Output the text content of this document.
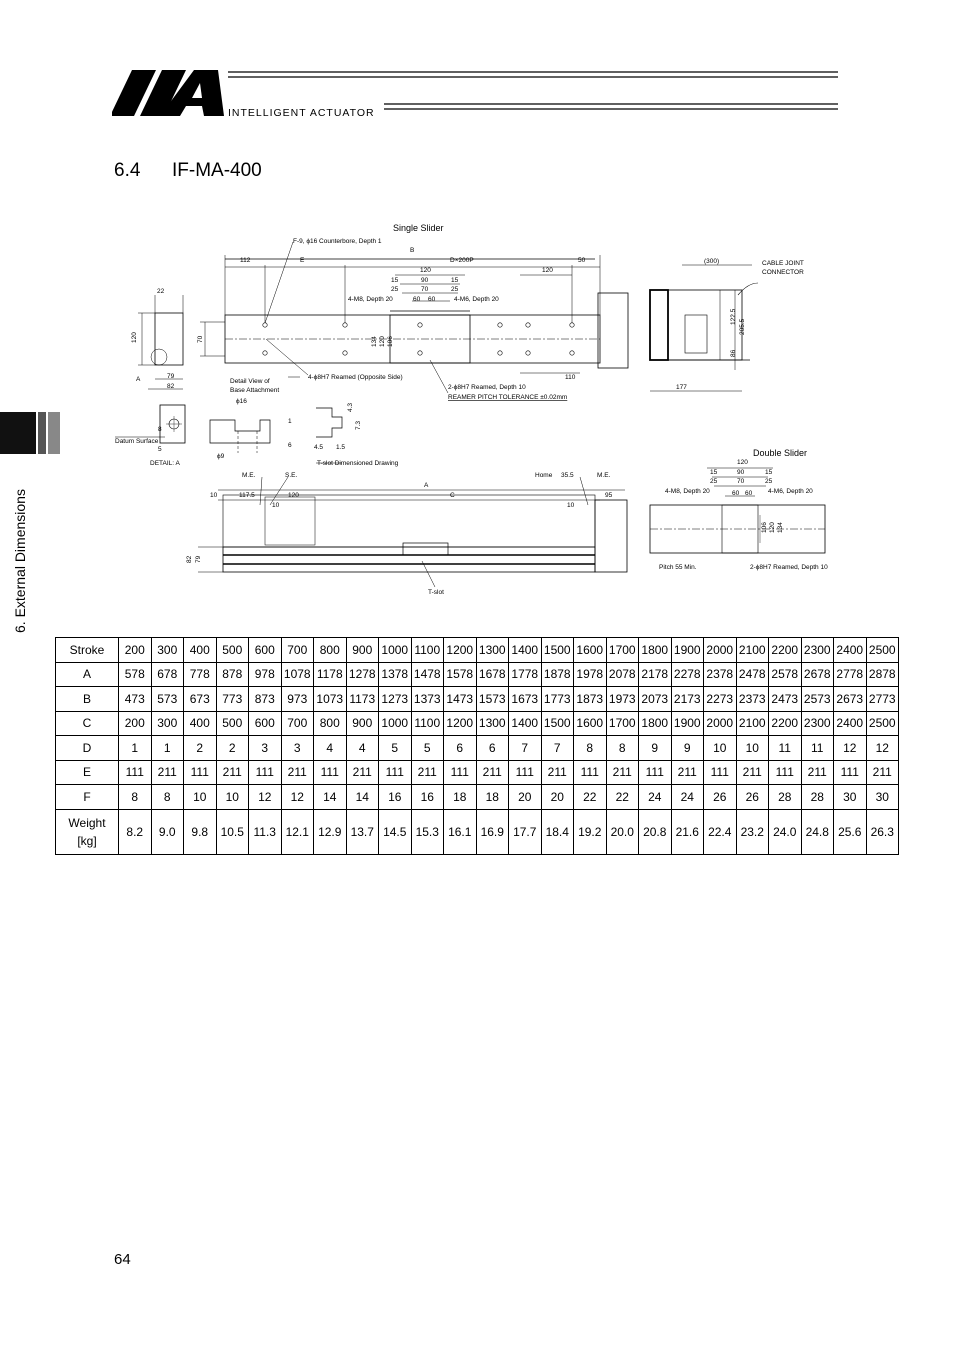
INTELLIGENT ACTUATOR
6.4 IF-MA-400
6. External Dimensions
Single Slider
Double Slider
F-9, ϕ16 Counterbore, Depth 1
B
D×200P
E
112	50
120	120
15	90	15
25	70	25
4-M8, Depth 20	60 60	4-M6, Depth 20
(300)	CABLE JOINT
CONNECTOR
22
120	70	134 120 106
122.5
205.5
86
4-ϕ8H7 Reamed (Opposite Side)	110
177
A	79
82
Detail View of
Base Attachment	2-ϕ8H7 Reamed, Depth 10
REAMER PITCH TOLERANCE ±0.02mm
ϕ16
1
6
ϕ9
4.3
7.3
4.5 1.5
T-slot Dimensioned Drawing
Datum Surface
8
5
DETAIL: A
M.E.	S.E.	Home 35.5	M.E.
A
10	117.5	120	C	95
10	10
82 79
T-slot
120
15	90	15
25	70	25
4-M8, Depth 20	60 60 4-M6, Depth 20
106 120 134
Pitch 55 Min.	2-ϕ8H7 Reamed, Depth 10
Stroke	200	300	400	500	600	700	800	900	1000	1100	1200	1300	1400	1500	1600	1700	1800	1900	2000	2100	2200	2300	2400	2500
A	578	678	778	878	978	1078	1178	1278	1378	1478	1578	1678	1778	1878	1978	2078	2178	2278	2378	2478	2578	2678	2778	2878
B	473	573	673	773	873	973	1073	1173	1273	1373	1473	1573	1673	1773	1873	1973	2073	2173	2273	2373	2473	2573	2673	2773
C	200	300	400	500	600	700	800	900	1000	1100	1200	1300	1400	1500	1600	1700	1800	1900	2000	2100	2200	2300	2400	2500
D	1	1	2	2	3	3	4	4	5	5	6	6	7	7	8	8	9	9	10	10	11	11	12	12
E	111	211	111	211	111	211	111	211	111	211	111	211	111	211	111	211	111	211	111	211	111	211	111	211
F	8	8	10	10	12	12	14	14	16	16	18	18	20	20	22	22	24	24	26	26	28	28	30	30

Weight
[kg]	8.2	9.0	9.8	10.5	11.3	12.1	12.9	13.7	14.5	15.3	16.1	16.9	17.7	18.4	19.2	20.0	20.8	21.6	22.4	23.2	24.0	24.8	25.6	26.3
64
